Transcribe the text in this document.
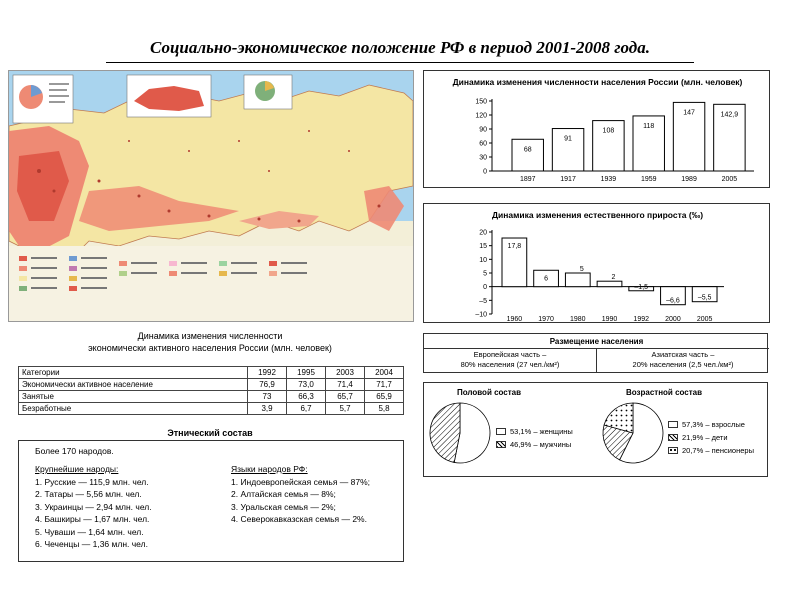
Социально-экономическое положение РФ в период 2001-2008 года.
Динамика изменения численности населения России (млн. человек)
0
30
60
90
120
150
68
1897
91
1917
108
1939
118
1959
147
1989
142,9
2005
Динамика изменения естественного прироста (‰)
20
15
10
5
0
–5
–10
17,8
1960
6
1970
5
1980
2
1990
–1,5
1992
–6,6
2000
–5,5
2005
Динамика изменения численности
экономически активного населения России (млн. человек)
Категории	1992	1995	2003	2004
Экономически активное население	76,9	73,0	71,4	71,7
Занятые	73	66,3	65,7	65,9
Безработные	3,9	6,7	5,7	5,8
Этнический состав
Более 170 народов.
Крупнейшие народы:
1. Русские — 115,9 млн. чел.
2. Татары — 5,56 млн. чел.
3. Украинцы — 2,94 млн. чел.
4. Башкиры — 1,67 млн. чел.
5. Чуваши — 1,64 млн. чел.
6. Чеченцы — 1,36 млн. чел.
Языки народов РФ:
1. Индоевропейская семья — 87%;
2. Алтайская семья — 8%;
3. Уральская семья — 2%;
4. Северокавказская семья — 2%.
Размещение населения
Европейская часть –
80% населения (27 чел./км²)
Азиатская часть –
20% населения (2,5 чел./км²)
Половой состав	Возрастной состав
53,1% – женщины
46,9% – мужчины
57,3% – взрослые
21,9% – дети
20,7% – пенсионеры
